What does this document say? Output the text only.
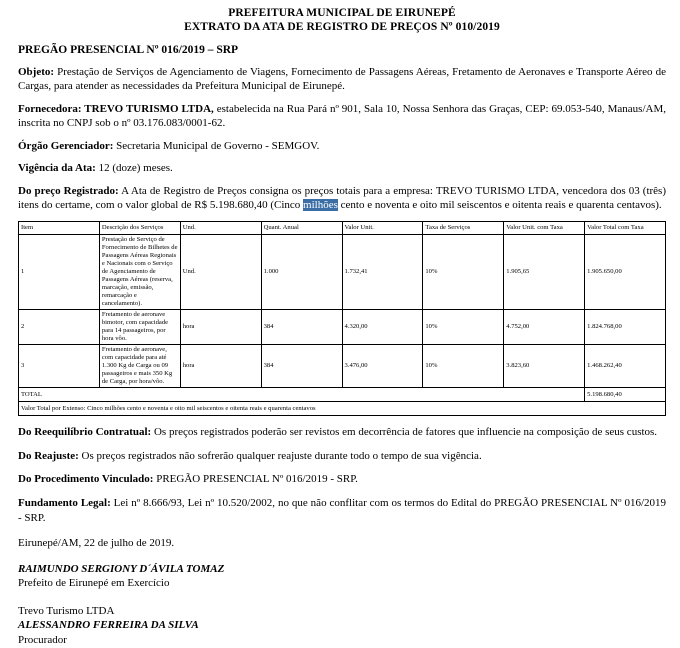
PREFEITURA MUNICIPAL DE EIRUNEPÉ
EXTRATO DA ATA DE REGISTRO DE PREÇOS Nº 010/2019
PREGÃO PRESENCIAL Nº 016/2019 – SRP
Objeto: Prestação de Serviços de Agenciamento de Viagens, Fornecimento de Passagens Aéreas, Fretamento de Aeronaves e Transporte Aéreo de Cargas, para atender as necessidades da Prefeitura Municipal de Eirunepé.
Fornecedora: TREVO TURISMO LTDA, estabelecida na Rua Pará nº 901, Sala 10, Nossa Senhora das Graças, CEP: 69.053-540, Manaus/AM, inscrita no CNPJ sob o nº 03.176.083/0001-62.
Órgão Gerenciador: Secretaria Municipal de Governo - SEMGOV.
Vigência da Ata: 12 (doze) meses.
Do preço Registrado: A Ata de Registro de Preços consigna os preços totais para a empresa: TREVO TURISMO LTDA, vencedora dos 03 (três) itens do certame, com o valor global de R$ 5.198.680,40 (Cinco milhões cento e noventa e oito mil seiscentos e oitenta reais e quarenta centavos).
Item	Descrição dos Serviços	Und.	Quant. Anual	Valor Unit.	Taxa de Serviços	Valor Unit. com Taxa	Valor Total com Taxa
1	Prestação de Serviço de Fornecimento de Bilhetes de Passagens Aéreas Regionais e Nacionais com o Serviço de Agenciamento de Passagens Aéreas (reserva, marcação, emissão, remarcação e cancelamento).	Und.	1.000	1.732,41	10%	1.905,65	1.905.650,00
2	Fretamento de aeronave bimotor, com capacidade para 14 passageiros, por hora vôo.	hora	384	4.320,00	10%	4.752,00	1.824.768,00
3	Fretamento de aeronave, com capacidade para até 1.300 Kg de Carga ou 09 passageiros e mais 350 Kg de Carga, por hora/vôo.	hora	384	3.476,00	10%	3.823,60	1.468.262,40
TOTAL							5.198.680,40
Valor Total por Extenso: Cinco milhões cento e noventa e oito mil seiscentos e oitenta reais e quarenta centavos							
Do Reequilíbrio Contratual: Os preços registrados poderão ser revistos em decorrência de fatores que influencie na composição de seus custos.
Do Reajuste: Os preços registrados não sofrerão qualquer reajuste durante todo o tempo de sua vigência.
Do Procedimento Vinculado: PREGÃO PRESENCIAL Nº 016/2019 - SRP.
Fundamento Legal: Lei nº 8.666/93, Lei nº 10.520/2002, no que não conflitar com os termos do Edital do PREGÃO PRESENCIAL Nº 016/2019 - SRP.
Eirunepé/AM, 22 de julho de 2019.
RAIMUNDO SERGIONY D´ÁVILA TOMAZ
Prefeito de Eirunepé em Exercício
Trevo Turismo LTDA
ALESSANDRO FERREIRA DA SILVA
Procurador
